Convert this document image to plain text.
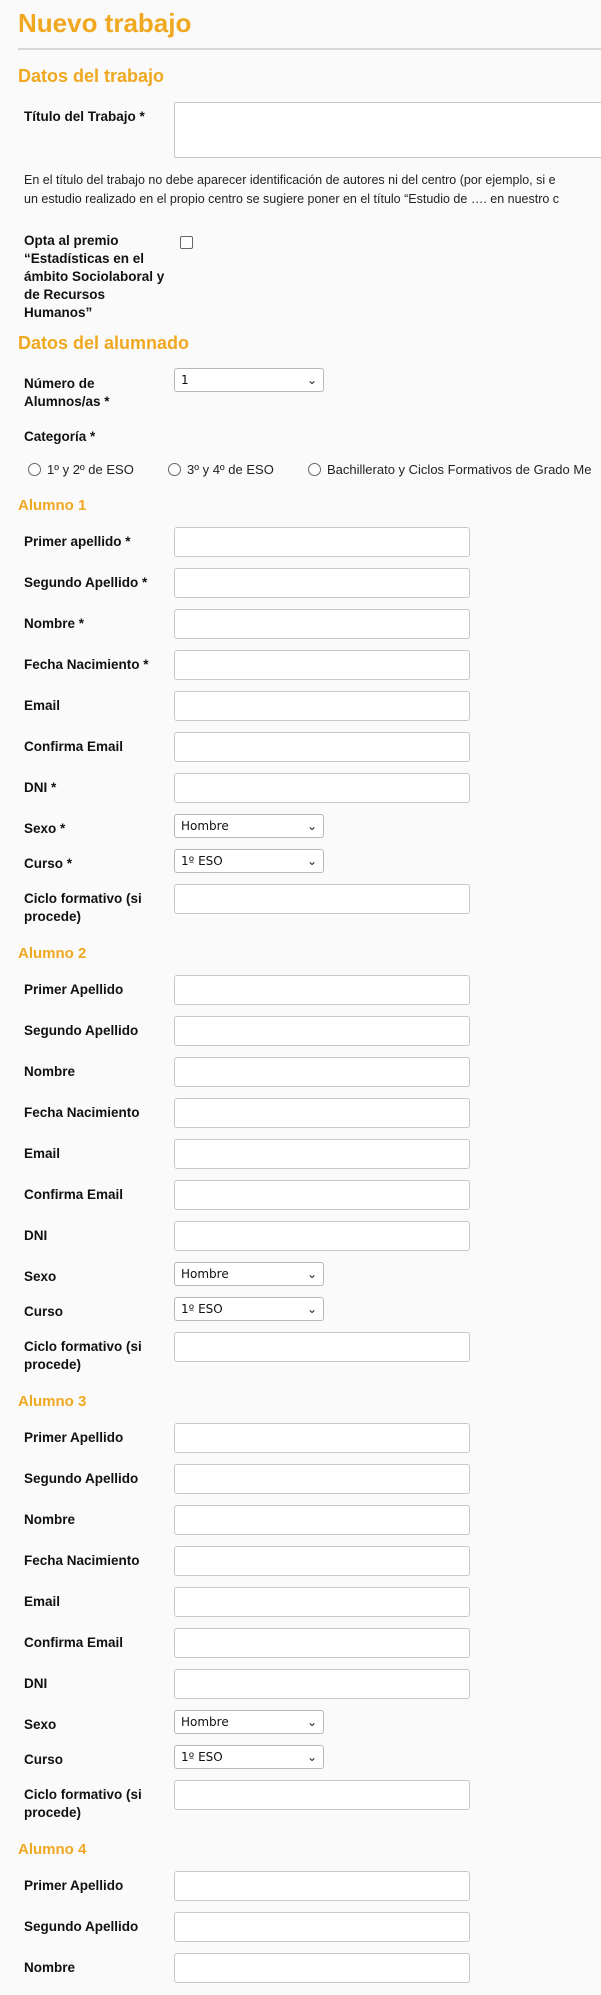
Nuevo trabajo
Datos del trabajo
Título del Trabajo *
En el título del trabajo no debe aparecer identificación de autores ni del centro (por ejemplo, si e
un estudio realizado en el propio centro se sugiere poner en el título “Estudio de …. en nuestro c
Opta al premio “Estadísticas en el ámbito Sociolaboral y de Recursos Humanos”
Datos del alumnado
Número de Alumnos/as *
1	⌄
Categoría *
1º y 2º de ESO	3º y 4º de ESO	Bachillerato y Ciclos Formativos de Grado Me
Alumno 1
Primer apellido *
Segundo Apellido *
Nombre *
Fecha Nacimiento *
Email
Confirma Email
DNI *
Sexo *	Hombre	⌄
Curso *	1º ESO	⌄
Ciclo formativo (si procede)
Alumno 2
Primer Apellido
Segundo Apellido
Nombre
Fecha Nacimiento
Email
Confirma Email
DNI
Sexo	Hombre	⌄
Curso	1º ESO	⌄
Ciclo formativo (si procede)
Alumno 3
Primer Apellido
Segundo Apellido
Nombre
Fecha Nacimiento
Email
Confirma Email
DNI
Sexo	Hombre	⌄
Curso	1º ESO	⌄
Ciclo formativo (si procede)
Alumno 4
Primer Apellido
Segundo Apellido
Nombre
